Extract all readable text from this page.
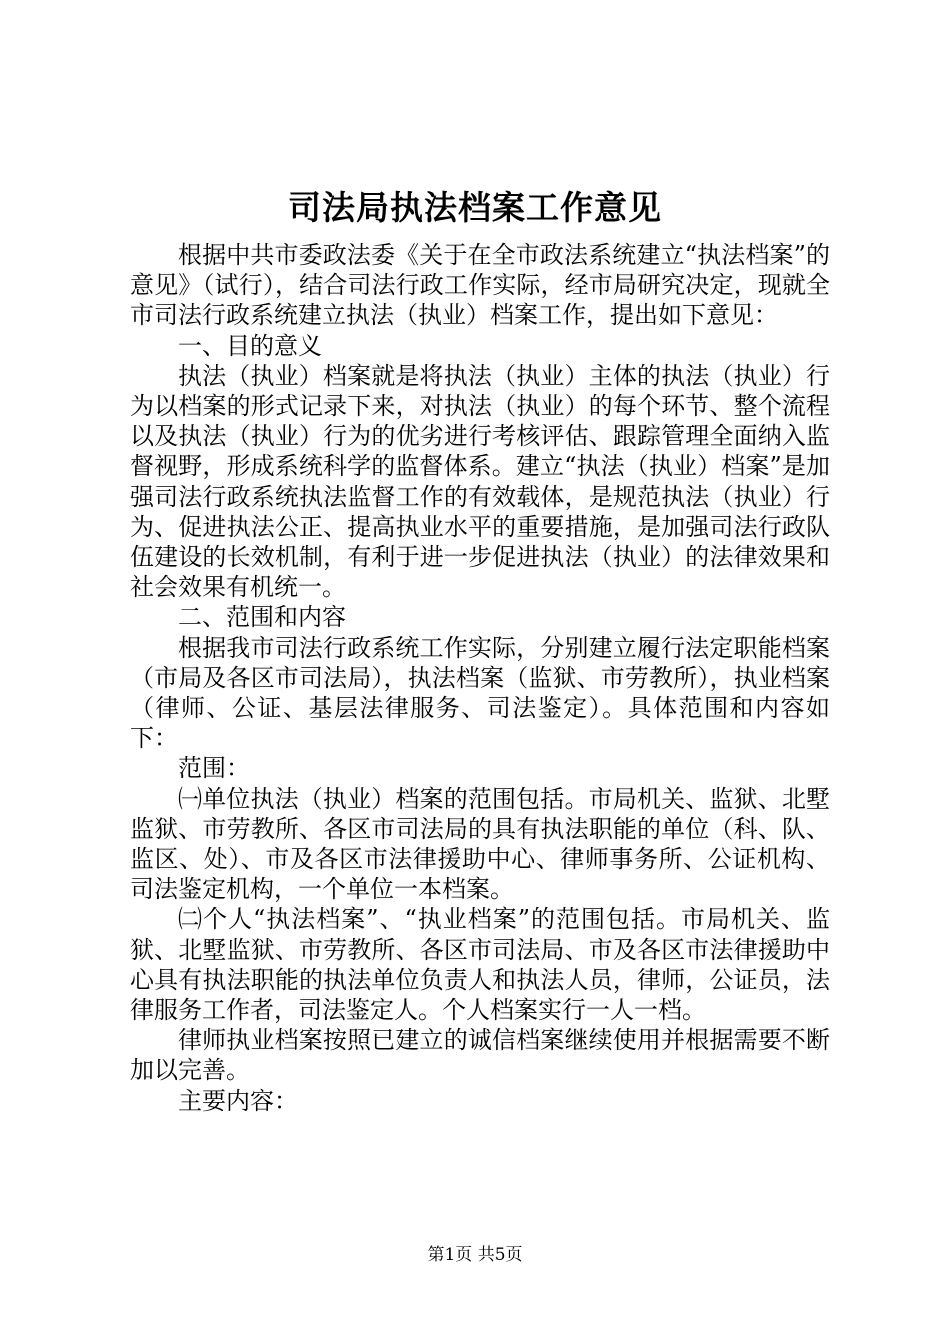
司法局执法档案工作意见

根据中共市委政法委《关于在全市政法系统建立“执法档案”的意见》（试行），结合司法行政工作实际，经市局研究决定，现就全市司法行政系统建立执法（执业）档案工作，提出如下意见：

一、目的意义

执法（执业）档案就是将执法（执业）主体的执法（执业）行为以档案的形式记录下来，对执法（执业）的每个环节、整个流程以及执法（执业）行为的优劣进行考核评估、跟踪管理全面纳入监督视野，形成系统科学的监督体系。建立“执法（执业）档案”是加强司法行政系统执法监督工作的有效载体，是规范执法（执业）行为、促进执法公正、提高执业水平的重要措施，是加强司法行政队伍建设的长效机制，有利于进一步促进执法（执业）的法律效果和社会效果有机统一。

二、范围和内容

根据我市司法行政系统工作实际，分别建立履行法定职能档案（市局及各区市司法局），执法档案（监狱、市劳教所），执业档案（律师、公证、基层法律服务、司法鉴定）。具体范围和内容如下：

范围：

㈠单位执法（执业）档案的范围包括。市局机关、监狱、北墅监狱、市劳教所、各区市司法局的具有执法职能的单位（科、队、监区、处）、市及各区市法律援助中心、律师事务所、公证机构、司法鉴定机构，一个单位一本档案。

㈡个人“执法档案”、“执业档案”的范围包括。市局机关、监狱、北墅监狱、市劳教所、各区市司法局、市及各区市法律援助中心具有执法职能的执法单位负责人和执法人员，律师，公证员，法律服务工作者，司法鉴定人。个人档案实行一人一档。

律师执业档案按照已建立的诚信档案继续使用并根据需要不断加以完善。

主要内容：

第1页 共5页
